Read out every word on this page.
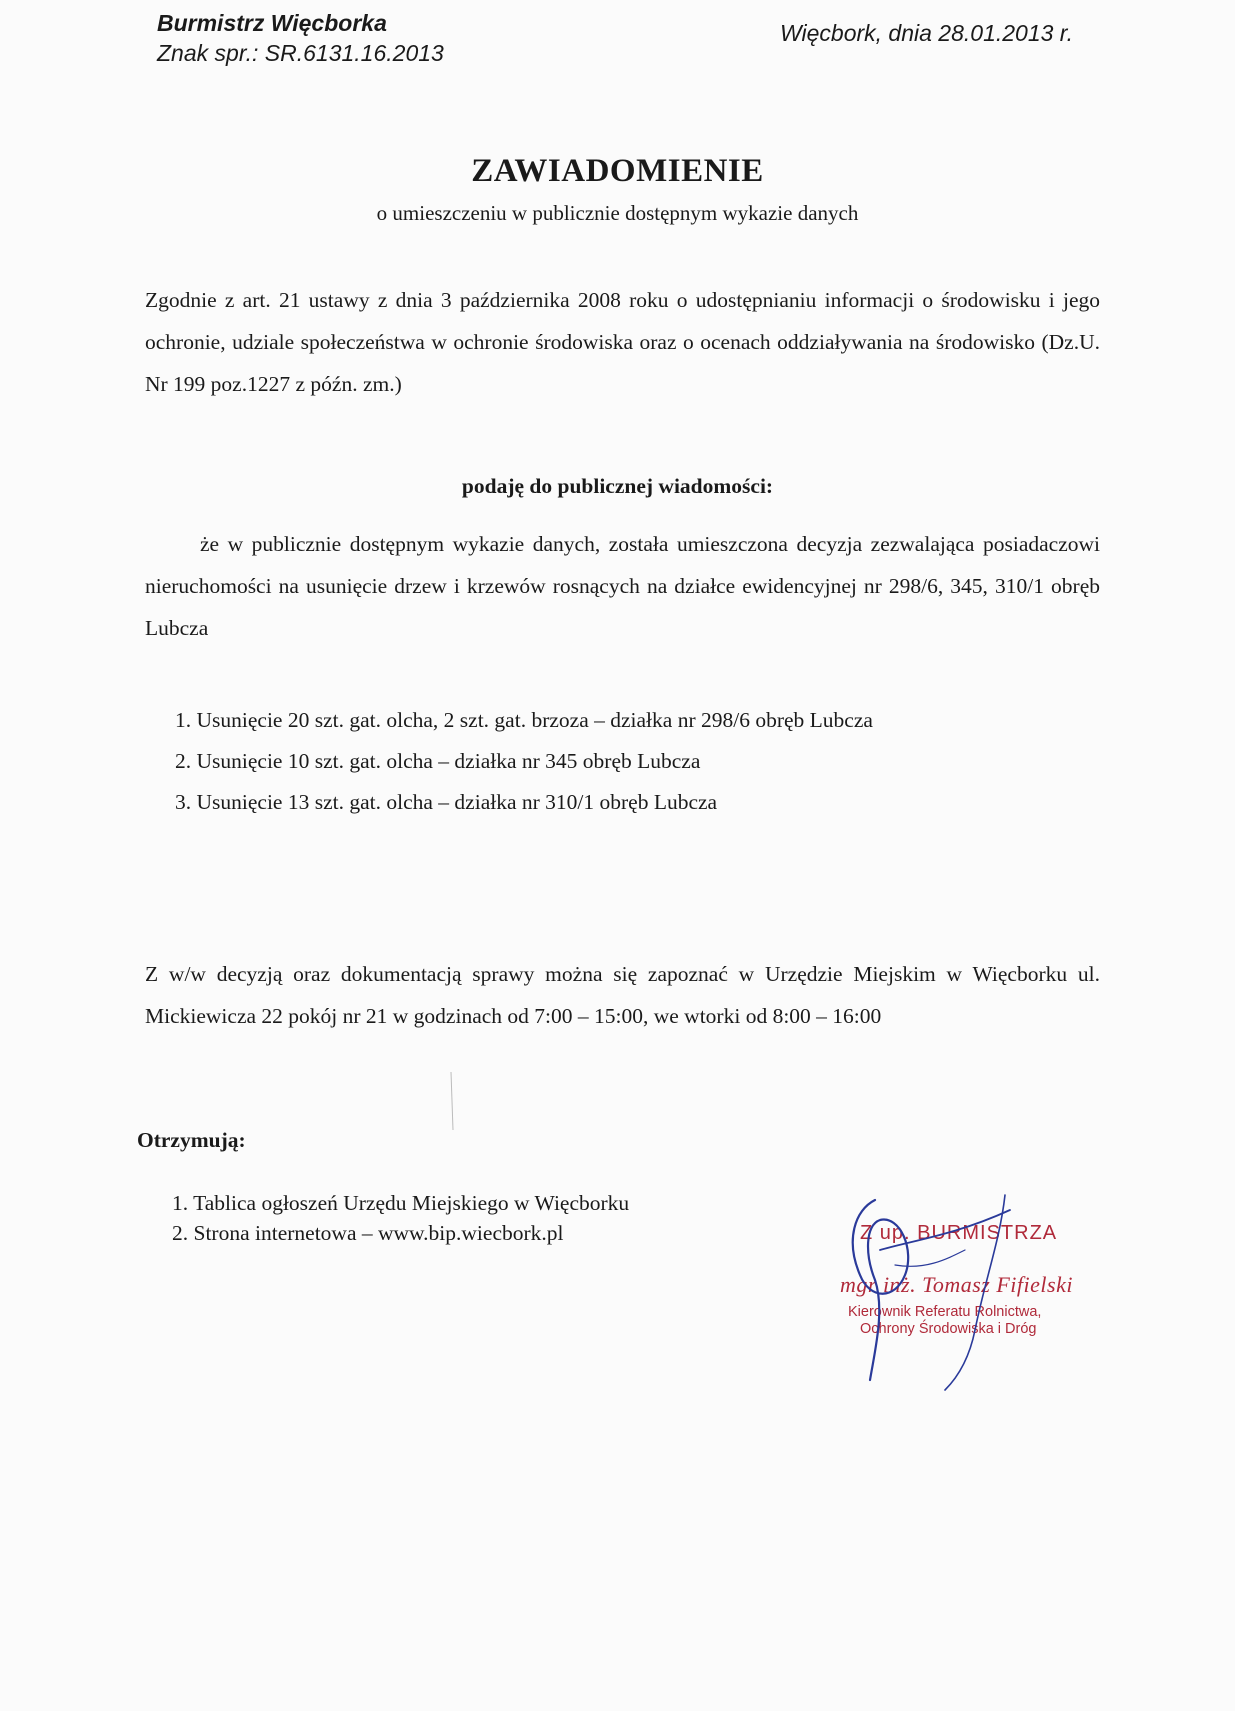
Burmistrz Więcborka
Znak spr.: SR.6131.16.2013
Więcbork, dnia 28.01.2013 r.
ZAWIADOMIENIE
o umieszczeniu w publicznie dostępnym wykazie danych
Zgodnie z art. 21 ustawy z dnia 3 października 2008 roku o udostępnianiu informacji o środowisku i jego ochronie, udziale społeczeństwa w ochronie środowiska oraz o ocenach oddziaływania na środowisko (Dz.U. Nr 199 poz.1227 z późn. zm.)
podaję do publicznej wiadomości:
że w publicznie dostępnym wykazie danych, została umieszczona decyzja zezwalająca posiadaczowi nieruchomości na usunięcie drzew i krzewów rosnących na działce ewidencyjnej nr 298/6, 345, 310/1 obręb Lubcza
1. Usunięcie 20 szt. gat. olcha, 2 szt. gat. brzoza – działka nr 298/6 obręb Lubcza
2. Usunięcie 10 szt. gat. olcha – działka nr 345 obręb Lubcza
3. Usunięcie 13 szt. gat. olcha – działka nr 310/1 obręb Lubcza
Z w/w decyzją oraz dokumentacją sprawy można się zapoznać w Urzędzie Miejskim w Więcborku ul. Mickiewicza 22 pokój nr 21 w godzinach od 7:00 – 15:00, we wtorki od 8:00 – 16:00
Otrzymują:
1. Tablica ogłoszeń Urzędu Miejskiego w Więcborku
2. Strona internetowa – www.bip.wiecbork.pl	Z up. BURMISTRZA
mgr inż. Tomasz Fifielski
Kierownik Referatu Rolnictwa,
Ochrony Środowiska i Dróg
